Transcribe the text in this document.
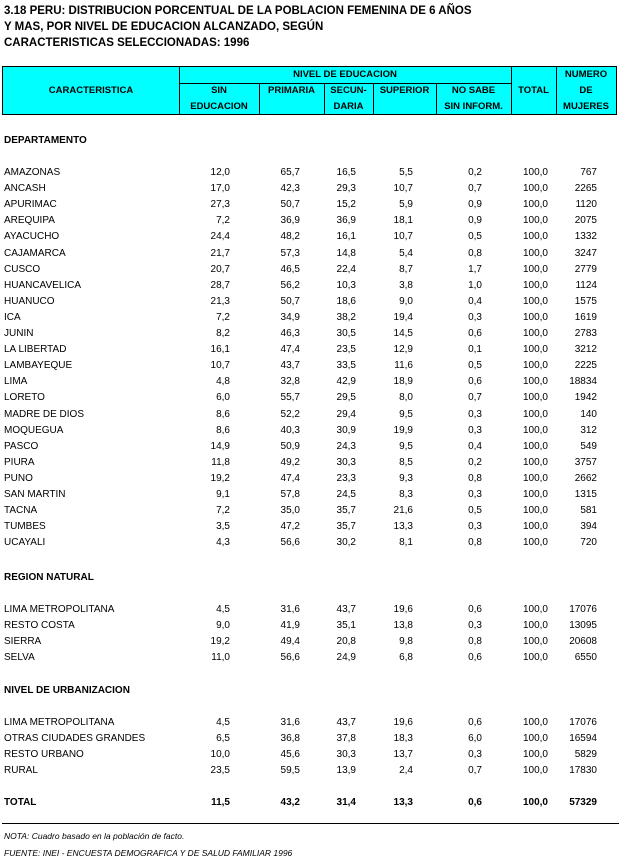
3.18 PERU: DISTRIBUCION PORCENTUAL DE LA POBLACION FEMENINA DE 6 AÑOS
Y MAS, POR NIVEL DE EDUCACION ALCANZADO, SEGÚN
CARACTERISTICAS SELECCIONADAS: 1996
CARACTERISTICA
NIVEL DE EDUCACION
SIN
EDUCACION
PRIMARIA	SECUN-
DARIA
SUPERIOR	NO SABE
SIN INFORM.
TOTAL
NUMERO
DE
MUJERES
DEPARTAMENTO
AMAZONAS	12,0	65,7	16,5	5,5	0,2	100,0	767
ANCASH	17,0	42,3	29,3	10,7	0,7	100,0	2265
APURIMAC	27,3	50,7	15,2	5,9	0,9	100,0	1120
AREQUIPA	7,2	36,9	36,9	18,1	0,9	100,0	2075
AYACUCHO	24,4	48,2	16,1	10,7	0,5	100,0	1332
CAJAMARCA	21,7	57,3	14,8	5,4	0,8	100,0	3247
CUSCO	20,7	46,5	22,4	8,7	1,7	100,0	2779
HUANCAVELICA	28,7	56,2	10,3	3,8	1,0	100,0	1124
HUANUCO	21,3	50,7	18,6	9,0	0,4	100,0	1575
ICA	7,2	34,9	38,2	19,4	0,3	100,0	1619
JUNIN	8,2	46,3	30,5	14,5	0,6	100,0	2783
LA LIBERTAD	16,1	47,4	23,5	12,9	0,1	100,0	3212
LAMBAYEQUE	10,7	43,7	33,5	11,6	0,5	100,0	2225
LIMA	4,8	32,8	42,9	18,9	0,6	100,0 18834
LORETO	6,0	55,7	29,5	8,0	0,7	100,0	1942
MADRE DE DIOS	8,6	52,2	29,4	9,5	0,3	100,0	140
MOQUEGUA	8,6	40,3	30,9	19,9	0,3	100,0	312
PASCO	14,9	50,9	24,3	9,5	0,4	100,0	549
PIURA	11,8	49,2	30,3	8,5	0,2	100,0	3757
PUNO	19,2	47,4	23,3	9,3	0,8	100,0	2662
SAN MARTIN	9,1	57,8	24,5	8,3	0,3	100,0	1315
TACNA	7,2	35,0	35,7	21,6	0,5	100,0	581
TUMBES	3,5	47,2	35,7	13,3	0,3	100,0	394
UCAYALI	4,3	56,6	30,2	8,1	0,8	100,0	720
REGION NATURAL
LIMA METROPOLITANA	4,5	31,6	43,7	19,6	0,6	100,0 17076
RESTO COSTA	9,0	41,9	35,1	13,8	0,3	100,0 13095
SIERRA	19,2	49,4	20,8	9,8	0,8	100,0 20608
SELVA	11,0	56,6	24,9	6,8	0,6	100,0	6550
NIVEL DE URBANIZACION
LIMA METROPOLITANA	4,5	31,6	43,7	19,6	0,6	100,0 17076
OTRAS CIUDADES GRANDES	6,5	36,8	37,8	18,3	6,0	100,0 16594
RESTO URBANO	10,0	45,6	30,3	13,7	0,3	100,0	5829
RURAL	23,5	59,5	13,9	2,4	0,7	100,0 17830
TOTAL	11,5	43,2	31,4	13,3	0,6	100,0 57329
NOTA: Cuadro basado en la población de facto.
FUENTE: INEI - ENCUESTA DEMOGRAFICA Y DE SALUD FAMILIAR 1996
